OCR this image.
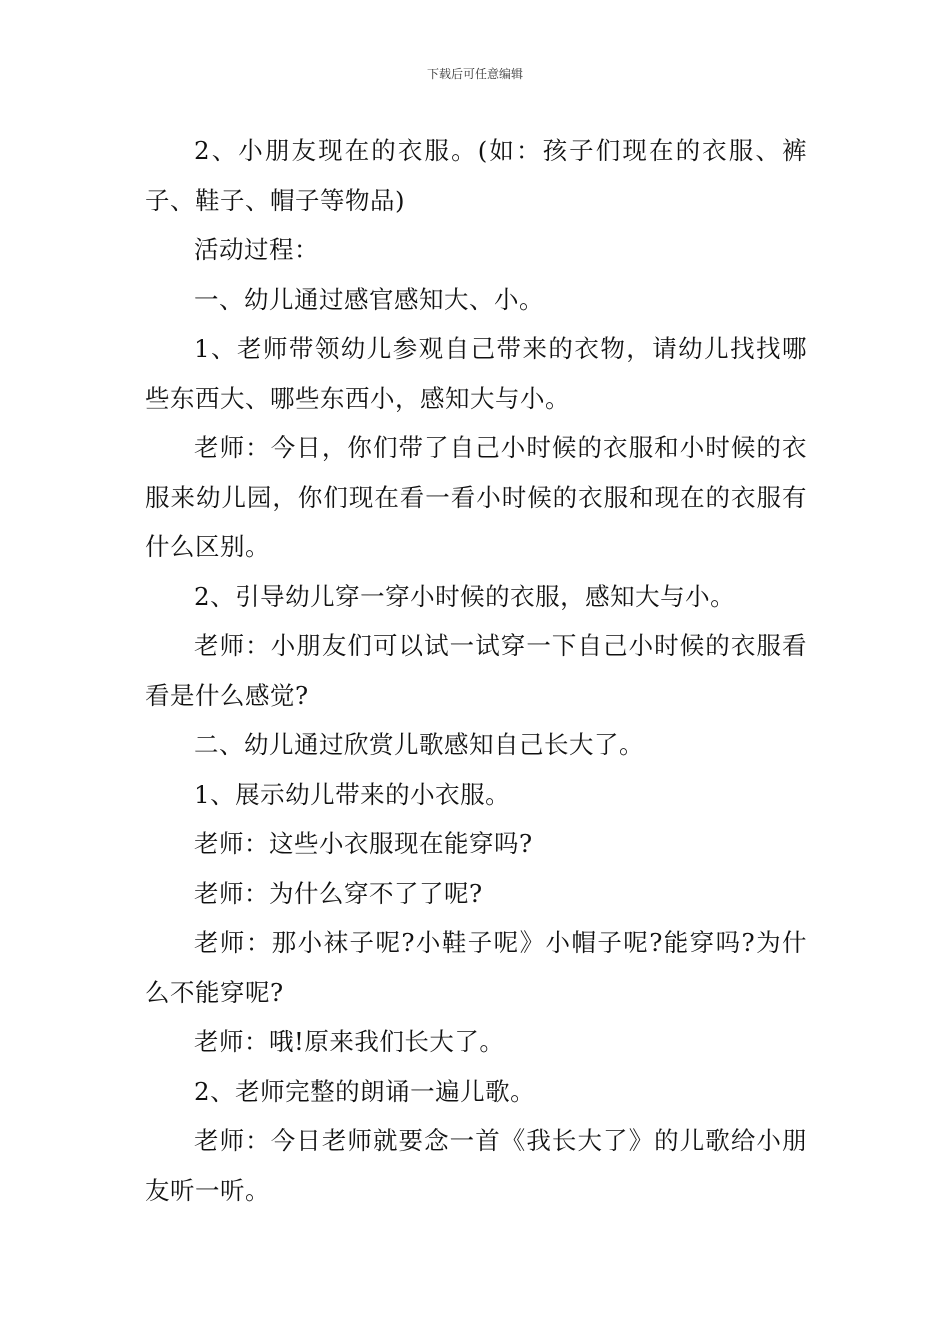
下载后可任意编辑

2、小朋友现在的衣服。(如：孩子们现在的衣服、裤子、鞋子、帽子等物品)

活动过程：

一、幼儿通过感官感知大、小。

1、老师带领幼儿参观自己带来的衣物，请幼儿找找哪些东西大、哪些东西小，感知大与小。

老师：今日，你们带了自己小时候的衣服和小时候的衣服来幼儿园，你们现在看一看小时候的衣服和现在的衣服有什么区别。

2、引导幼儿穿一穿小时候的衣服，感知大与小。

老师：小朋友们可以试一试穿一下自己小时候的衣服看看是什么感觉?

二、幼儿通过欣赏儿歌感知自己长大了。

1、展示幼儿带来的小衣服。

老师：这些小衣服现在能穿吗?

老师：为什么穿不了了呢?

老师：那小袜子呢?小鞋子呢》小帽子呢?能穿吗?为什么不能穿呢?

老师：哦!原来我们长大了。

2、老师完整的朗诵一遍儿歌。

老师：今日老师就要念一首《我长大了》的儿歌给小朋友听一听。
